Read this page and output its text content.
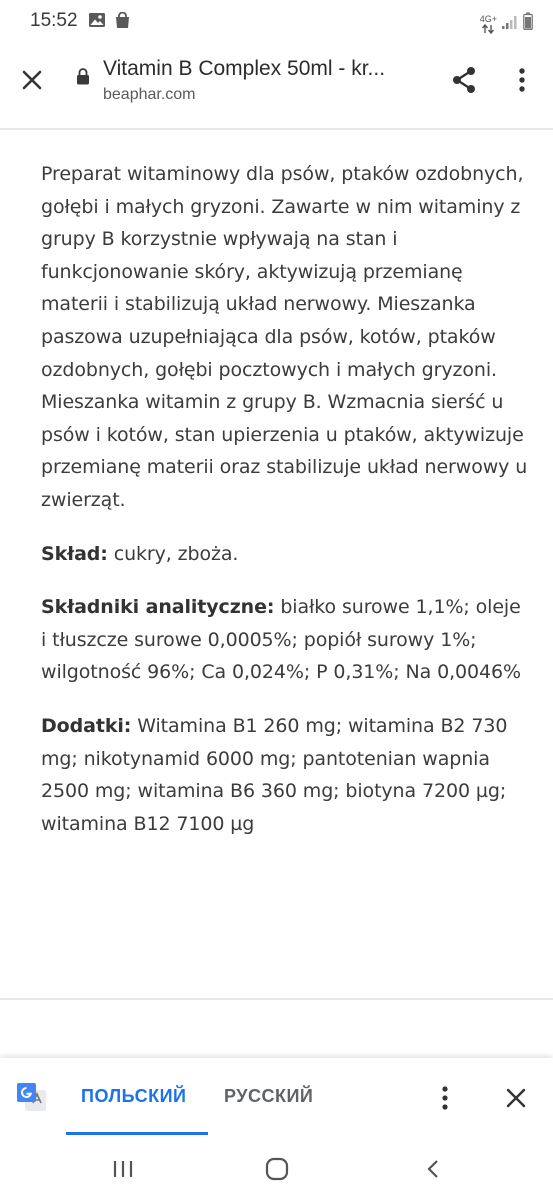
15:52	4G+
Vitamin B Complex 50ml - kr...
beaphar.com

Preparat witaminowy dla psów, ptaków ozdobnych, gołębi i małych gryzoni. Zawarte w nim witaminy z grupy B korzystnie wpływają na stan i funkcjonowanie skóry, aktywizują przemianę materii i stabilizują układ nerwowy. Mieszanka paszowa uzupełniająca dla psów, kotów, ptaków ozdobnych, gołębi pocztowych i małych gryzoni. Mieszanka witamin z grupy B. Wzmacnia sierść u psów i kotów, stan upierzenia u ptaków, aktywizuje przemianę materii oraz stabilizuje układ nerwowy u zwierząt.

Skład: cukry, zboża.

Składniki analityczne: białko surowe 1,1%; oleje i tłuszcze surowe 0,0005%; popiół surowy 1%; wilgotność 96%; Ca 0,024%; P 0,31%; Na 0,0046%

Dodatki: Witamina B1 260 mg; witamina B2 730 mg; nikotynamid 6000 mg; pantotenian wapnia 2500 mg; witamina B6 360 mg; biotyna 7200 µg; witamina B12 7100 µg

ПОЛЬСКИЙ РУССКИЙ
